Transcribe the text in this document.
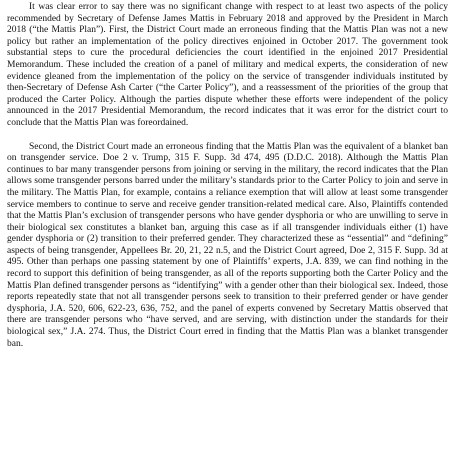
It was clear error to say there was no significant change with respect to at least two aspects of the policy recommended by Secretary of Defense James Mattis in February 2018 and approved by the President in March 2018 (“the Mattis Plan”). First, the District Court made an erroneous finding that the Mattis Plan was not a new policy but rather an implementation of the policy directives enjoined in October 2017. The government took substantial steps to cure the procedural deficiencies the court identified in the enjoined 2017 Presidential Memorandum. These included the creation of a panel of military and medical experts, the consideration of new evidence gleaned from the implementation of the policy on the service of transgender individuals instituted by then-Secretary of Defense Ash Carter (“the Carter Policy”), and a reassessment of the priorities of the group that produced the Carter Policy. Although the parties dispute whether these efforts were independent of the policy announced in the 2017 Presidential Memorandum, the record indicates that it was error for the district court to conclude that the Mattis Plan was foreordained.

Second, the District Court made an erroneous finding that the Mattis Plan was the equivalent of a blanket ban on transgender service. Doe 2 v. Trump, 315 F. Supp. 3d 474, 495 (D.D.C. 2018). Although the Mattis Plan continues to bar many transgender persons from joining or serving in the military, the record indicates that the Plan allows some transgender persons barred under the military’s standards prior to the Carter Policy to join and serve in the military. The Mattis Plan, for example, contains a reliance exemption that will allow at least some transgender service members to continue to serve and receive gender transition-related medical care. Also, Plaintiffs contended that the Mattis Plan’s exclusion of transgender persons who have gender dysphoria or who are unwilling to serve in their biological sex constitutes a blanket ban, arguing this case as if all transgender individuals either (1) have gender dysphoria or (2) transition to their preferred gender. They characterized these as “essential” and “defining” aspects of being transgender, Appellees Br. 20, 21, 22 n.5, and the District Court agreed, Doe 2, 315 F. Supp. 3d at 495. Other than perhaps one passing statement by one of Plaintiffs’ experts, J.A. 839, we can find nothing in the record to support this definition of being transgender, as all of the reports supporting both the Carter Policy and the Mattis Plan defined transgender persons as “identifying” with a gender other than their biological sex. Indeed, those reports repeatedly state that not all transgender persons seek to transition to their preferred gender or have gender dysphoria, J.A. 520, 606, 622-23, 636, 752, and the panel of experts convened by Secretary Mattis observed that there are transgender persons who “have served, and are serving, with distinction under the standards for their biological sex,” J.A. 274. Thus, the District Court erred in finding that the Mattis Plan was a blanket transgender ban.
